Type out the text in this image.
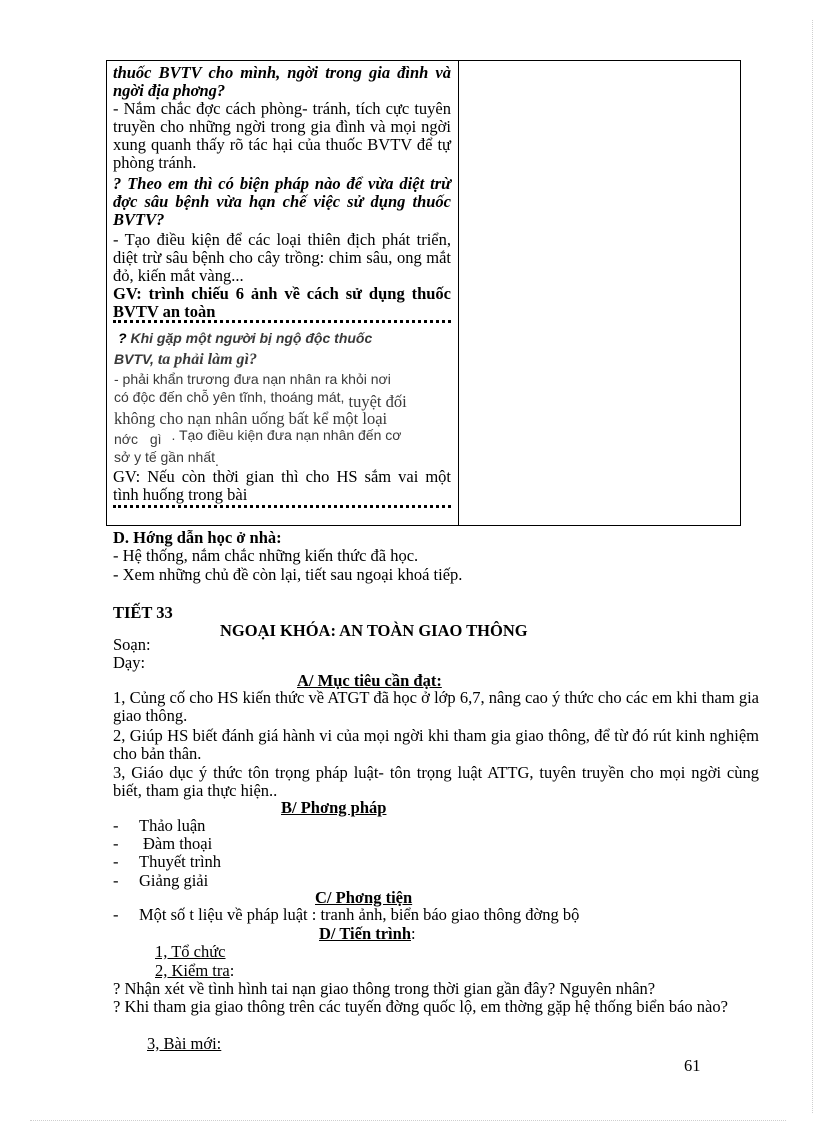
thuốc BVTV cho mình, ngời trong gia đình và ngời địa phơng?
- Nắm chắc đợc cách phòng- tránh, tích cực tuyên truyền cho những ngời trong gia đình và mọi ngời xung quanh thấy rõ tác hại của thuốc BVTV để tự phòng tránh.
? Theo em thì có biện pháp nào để vừa diệt trừ đợc sâu bệnh vừa hạn chế việc sử dụng thuốc BVTV?
- Tạo điều kiện để các loại thiên địch phát triển, diệt trừ sâu bệnh cho cây trồng: chim sâu, ong mắt đỏ, kiến mắt vàng...
GV: trình chiếu 6 ảnh về cách sử dụng thuốc BVTV an toàn
? Khi gặp một người bị ngộ độc thuốc
BVTV, ta phải làm gì?
- phải khẩn trương đưa nạn nhân ra khỏi nơi
có độc đến chỗ yên tĩnh, thoáng mát, tuyệt đối
không cho nạn nhân uống bất kể một loại
nớc gì . Tạo điều kiện đưa nạn nhân đến cơ
sở y tế gần nhất.
GV: Nếu còn thời gian thì cho HS sắm vai một tình huống trong bài
D. Hớng dẫn học ở nhà:
- Hệ thống, nắm chắc những kiến thức đã học.
- Xem những chủ đề còn lại, tiết sau ngoại khoá tiếp.
TIẾT 33
NGOẠI KHÓA: AN TOÀN GIAO THÔNG
Soạn:
Dạy:
A/ Mục tiêu cần đạt:
1, Củng cố cho HS kiến thức về ATGT đã học ở lớp 6,7, nâng cao ý thức cho các em khi tham gia giao thông.
2, Giúp HS biết đánh giá hành vi của mọi ngời khi tham gia giao thông, để từ đó rút kinh nghiệm cho bản thân.
3, Giáo dục ý thức tôn trọng pháp luật- tôn trọng luật ATTG, tuyên truyền cho mọi ngời cùng biết, tham gia thực hiện..
B/ Phơng pháp
- Thảo luận
- Đàm thoại
- Thuyết trình
- Giảng giải
C/ Phơng tiện
- Một số t liệu về pháp luật : tranh ảnh, biển báo giao thông đờng bộ
D/ Tiến trình:
1, Tổ chức
2, Kiểm tra:
? Nhận xét về tình hình tai nạn giao thông trong thời gian gần đây? Nguyên nhân?
? Khi tham gia giao thông trên các tuyến đờng quốc lộ, em thờng gặp hệ thống biển báo nào?
3, Bài mới:
61
